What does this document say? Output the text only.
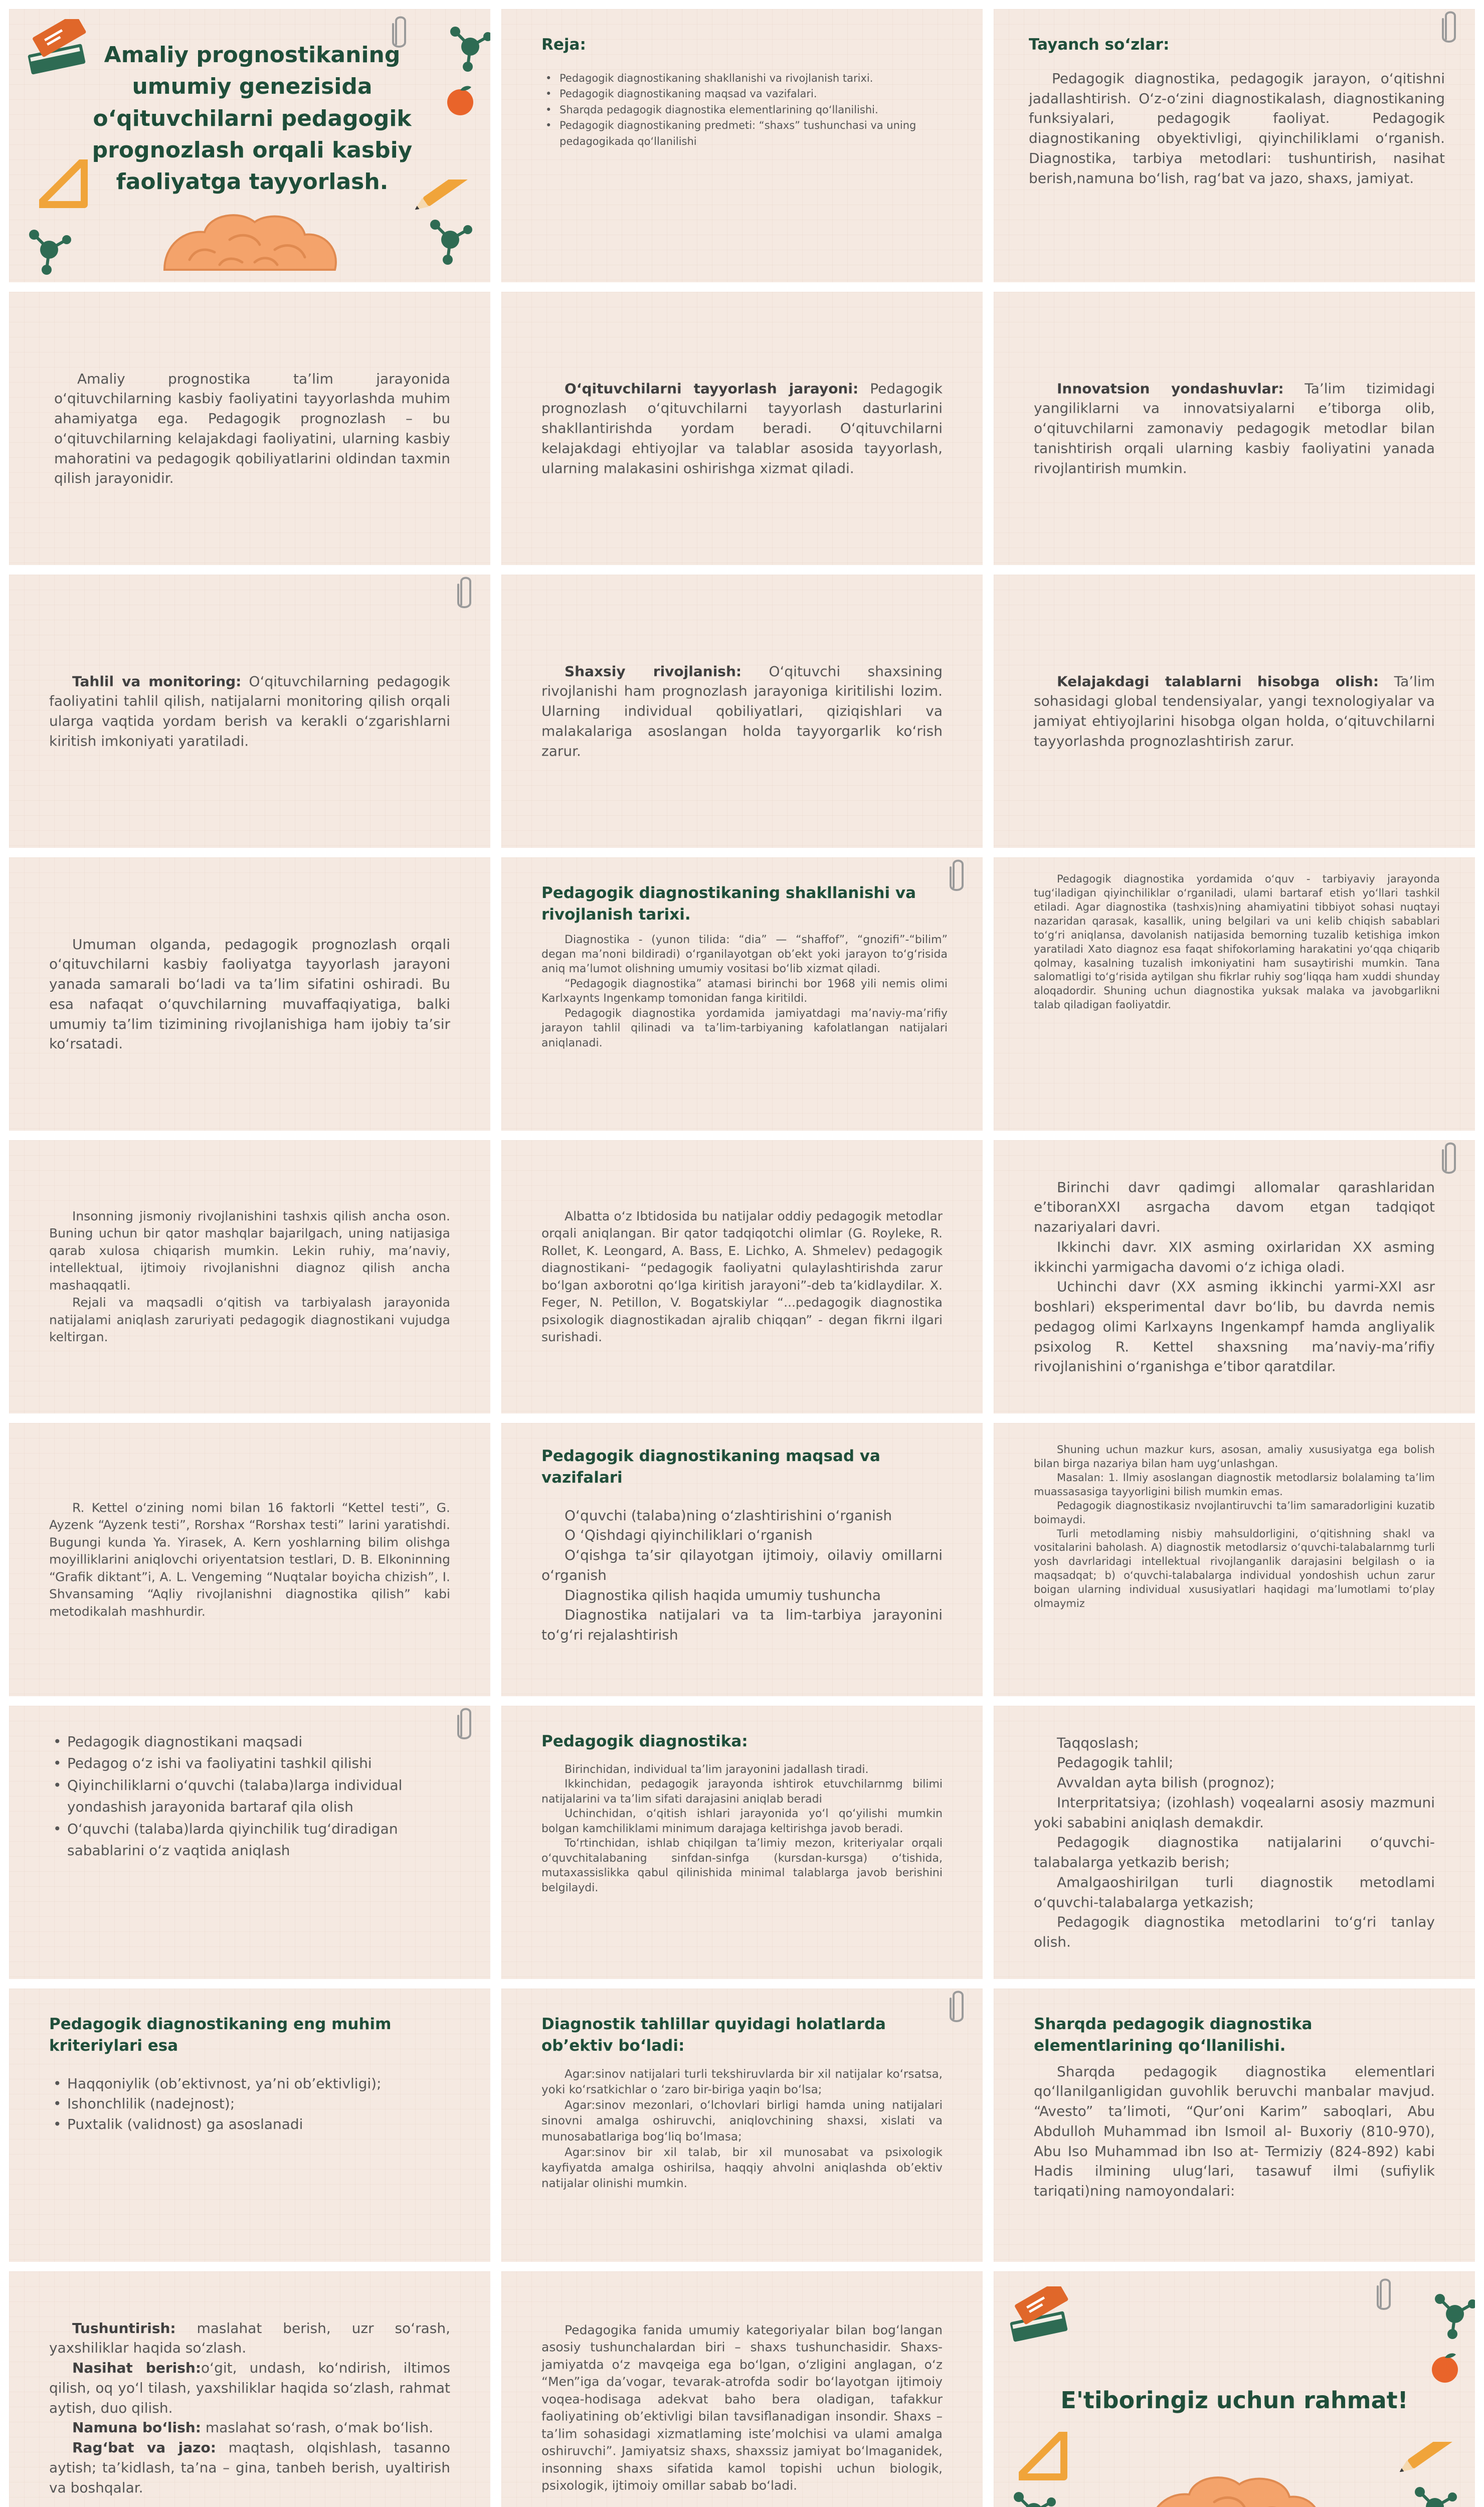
Amaliy prognostikaning umumiy genezisida o‘qituvchilarni pedagogik prognozlash orqali kasbiy faoliyatga tayyorlash.
Reja:
• Pedagogik diagnostikaning shakllanishi va rivojlanish tarixi.
• Pedagogik diagnostikaning maqsad va vazifalari.
• Sharqda pedagogik diagnostika elementlarining qo‘llanilishi.
• Pedagogik diagnostikaning predmeti: “shaxs” tushunchasi va uning pedagogikada qo‘llanilishi
Tayanch so‘zlar:

Pedagogik diagnostika, pedagogik jarayon, o‘qitishni jadallashtirish. O‘z-o‘zini diagnostikalash, diagnostikaning funksiyalari, pedagogik faoliyat. Pedagogik diagnostikaning obyektivligi, qiyinchiliklami o‘rganish. Diagnostika, tarbiya metodlari: tushuntirish, nasihat berish,namuna bo‘lish, rag‘bat va jazo, shaxs, jamiyat.

Amaliy prognostika ta’lim jarayonida o‘qituvchilarning kasbiy faoliyatini tayyorlashda muhim ahamiyatga ega. Pedagogik prognozlash – bu o‘qituvchilarning kelajakdagi faoliyatini, ularning kasbiy mahoratini va pedagogik qobiliyatlarini oldindan taxmin qilish jarayonidir.

O‘qituvchilarni tayyorlash jarayoni: Pedagogik prognozlash o‘qituvchilarni tayyorlash dasturlarini shakllantirishda yordam beradi. O‘qituvchilarni kelajakdagi ehtiyojlar va talablar asosida tayyorlash, ularning malakasini oshirishga xizmat qiladi.

Innovatsion yondashuvlar: Ta’lim tizimidagi yangiliklarni va innovatsiyalarni e’tiborga olib, o‘qituvchilarni zamonaviy pedagogik metodlar bilan tanishtirish orqali ularning kasbiy faoliyatini yanada rivojlantirish mumkin.

Tahlil va monitoring: O‘qituvchilarning pedagogik faoliyatini tahlil qilish, natijalarni monitoring qilish orqali ularga vaqtida yordam berish va kerakli o‘zgarishlarni kiritish imkoniyati yaratiladi.

Shaxsiy rivojlanish: O‘qituvchi shaxsining rivojlanishi ham prognozlash jarayoniga kiritilishi lozim. Ularning individual qobiliyatlari, qiziqishlari va malakalariga asoslangan holda tayyorgarlik ko‘rish zarur.

Kelajakdagi talablarni hisobga olish: Ta’lim sohasidagi global tendensiyalar, yangi texnologiyalar va jamiyat ehtiyojlarini hisobga olgan holda, o‘qituvchilarni tayyorlashda prognozlashtirish zarur.

Umuman olganda, pedagogik prognozlash orqali o‘qituvchilarni kasbiy faoliyatga tayyorlash jarayoni yanada samarali bo‘ladi va ta’lim sifatini oshiradi. Bu esa nafaqat o‘quvchilarning muvaffaqiyatiga, balki umumiy ta’lim tizimining rivojlanishiga ham ijobiy ta’sir ko‘rsatadi.

Pedagogik diagnostikaning shakllanishi va rivojlanish tarixi.

Diagnostika - (yunon tilida: “dia” — “shaffof”, “gnozifi”-“bilim” degan ma’noni bildiradi) o‘rganilayotgan ob’ekt yoki jarayon to‘g‘risida aniq ma’lumot olishning umumiy vositasi bo‘lib xizmat qiladi.

“Pedagogik diagnostika” atamasi birinchi bor 1968 yili nemis olimi Karlxaynts Ingenkamp tomonidan fanga kiritildi.

Pedagogik diagnostika yordamida jamiyatdagi ma’naviy-ma’rifiy jarayon tahlil qilinadi va ta’lim-tarbiyaning kafolatlangan natijalari aniqlanadi.

Pedagogik diagnostika yordamida o‘quv - tarbiyaviy jarayonda tug‘iladigan qiyinchiliklar o‘rganiladi, ulami bartaraf etish yo‘llari tashkil etiladi. Agar diagnostika (tashxis)ning ahamiyatini tibbiyot sohasi nuqtayi nazaridan qarasak, kasallik, uning belgilari va uni kelib chiqish sabablari to‘g‘ri aniqlansa, davolanish natijasida bemorning tuzalib ketishiga imkon yaratiladi Xato diagnoz esa faqat shifokorlaming harakatini yo‘qqa chiqarib qolmay, kasalning tuzalish imkoniyatini ham susaytirishi mumkin. Tana salomatligi to‘g‘risida aytilgan shu fikrlar ruhiy sog‘liqqa ham xuddi shunday aloqadordir. Shuning uchun diagnostika yuksak malaka va javobgarlikni talab qiladigan faoliyatdir.

Insonning jismoniy rivojlanishini tashxis qilish ancha oson. Buning uchun bir qator mashqlar bajarilgach, uning natijasiga qarab xulosa chiqarish mumkin. Lekin ruhiy, ma’naviy, intellektual, ijtimoiy rivojlanishni diagnoz qilish ancha mashaqqatli.

Rejali va maqsadli o‘qitish va tarbiyalash jarayonida natijalami aniqlash zaruriyati pedagogik diagnostikani vujudga keltirgan.

Albatta o‘z Ibtidosida bu natijalar oddiy pedagogik metodlar orqali aniqlangan. Bir qator tadqiqotchi olimlar (G. Royleke, R. Rollet, K. Leongard, A. Bass, E. Lichko, A. Shmelev) pedagogik diagnostikani- “pedagogik faoliyatni qulaylashtirishda zarur bo‘lgan axborotni qo‘lga kiritish jarayoni”-deb ta’kidlaydilar. X. Feger, N. Petillon, V. Bogatskiylar “...pedagogik diagnostika psixologik diagnostikadan ajralib chiqqan” - degan fikrni ilgari surishadi.

Birinchi davr qadimgi allomalar qarashlaridan e’tiboranXXI asrgacha davom etgan tadqiqot nazariyalari davri.

Ikkinchi davr. XIX asming oxirlaridan XX asming ikkinchi yarmigacha davomi o‘z ichiga oladi.

Uchinchi davr (XX asming ikkinchi yarmi-XXI asr boshlari) eksperimental davr bo‘lib, bu davrda nemis pedagog olimi Karlxayns Ingenkampf hamda angliyalik psixolog R. Kettel shaxsning ma’naviy-ma’rifiy rivojlanishini o‘rganishga e’tibor qaratdilar.

R. Kettel o‘zining nomi bilan 16 faktorli “Kettel testi”, G. Ayzenk “Ayzenk testi”, Rorshax “Rorshax testi” larini yaratishdi. Bugungi kunda Ya. Yirasek, A. Kern yoshlarning bilim olishga moyilliklarini aniqlovchi oriyentatsion testlari, D. B. Elkoninning “Grafik diktant”i, A. L. Vengeming “Nuqtalar boyicha chizish”, I. Shvansaming “Aqliy rivojlanishni diagnostika qilish” kabi metodikalah mashhurdir.

Pedagogik diagnostikaning maqsad va vazifalari

O‘quvchi (talaba)ning o‘zlashtirishini o‘rganish

O ‘Qishdagi qiyinchiliklari o‘rganish

O‘qishga ta’sir qilayotgan ijtimoiy, oilaviy omillarni o‘rganish

Diagnostika qilish haqida umumiy tushuncha

Diagnostika natijalari va ta lim-tarbiya jarayonini to‘g‘ri rejalashtirish

Shuning uchun mazkur kurs, asosan, amaliy xususiyatga ega bolish bilan birga nazariya bilan ham uyg‘unlashgan.

Masalan: 1. Ilmiy asoslangan diagnostik metodlarsiz bolalaming ta’lim muassasasiga tayyorligini bilish mumkin emas.

Pedagogik diagnostikasiz nvojlantiruvchi ta’lim samaradorligini kuzatib boimaydi.

Turli metodlaming nisbiy mahsuldorligini, o‘qitishning shakl va vositalarini baholash. A) diagnostik metodlarsiz o‘quvchi-talabalarnmg turli yosh davrlaridagi intellektual rivojlanganlik darajasini belgilash o ia maqsadqat; b) o‘quvchi-talabalarga individual yondoshish uchun zarur boigan ularning individual xususiyatlari haqidagi ma’lumotlami to‘play olmaymiz

• Pedagogik diagnostikani maqsadi
• Pedagog o‘z ishi va faoliyatini tashkil qilishi
• Qiyinchiliklarni o‘quvchi (talaba)larga individual yondashish jarayonida bartaraf qila olish
• O‘quvchi (talaba)larda qiyinchilik tug‘diradigan sabablarini o‘z vaqtida aniqlash
Pedagogik diagnostika:

Birinchidan, individual ta’lim jarayonini jadallash tiradi.

Ikkinchidan, pedagogik jarayonda ishtirok etuvchilarnmg bilimi natijalarini va ta’lim sifati darajasini aniqlab beradi

Uchinchidan, o‘qitish ishlari jarayonida yo‘l qo‘yilishi mumkin bolgan kamchiliklami minimum darajaga keltirishga javob beradi.

To‘rtinchidan, ishlab chiqilgan ta’limiy mezon, kriteriyalar orqali o‘quvchitalabaning sinfdan-sinfga (kursdan-kursga) o‘tishida, mutaxassislikka qabul qilinishida minimal talablarga javob berishini belgilaydi.

Taqqoslash;

Pedagogik tahlil;

Avvaldan ayta bilish (prognoz);

Interpritatsiya; (izohlash) voqealarni asosiy mazmuni yoki sababini aniqlash demakdir.

Pedagogik diagnostika natijalarini o‘quvchi-talabalarga yetkazib berish;

Amalgaoshirilgan turli diagnostik metodlami o‘quvchi-talabalarga yetkazish;

Pedagogik diagnostika metodlarini to‘g‘ri tanlay olish.

Pedagogik diagnostikaning eng muhim kriteriylari esa
• Haqqoniylik (ob’ektivnost, ya’ni ob’ektivligi);
• Ishonchlilik (nadejnost);
• Puxtalik (validnost) ga asoslanadi
Diagnostik tahlillar quyidagi holatlarda ob’ektiv bo‘ladi:

Agar:sinov natijalari turli tekshiruvlarda bir xil natijalar ko‘rsatsa, yoki ko‘rsatkichlar o ‘zaro bir-biriga yaqin bo‘lsa;

Agar:sinov mezonlari, o‘lchovlari birligi hamda uning natijalari sinovni amalga oshiruvchi, aniqlovchining shaxsi, xislati va munosabatlariga bog‘liq bo‘lmasa;

Agar:sinov bir xil talab, bir xil munosabat va psixologik kayfiyatda amalga oshirilsa, haqqiy ahvolni aniqlashda ob’ektiv natijalar olinishi mumkin.

Sharqda pedagogik diagnostika elementlarining qo‘llanilishi.

Sharqda pedagogik diagnostika elementlari qo‘llanilganligidan guvohlik beruvchi manbalar mavjud. “Avesto” ta’limoti, “Qur’oni Karim” saboqlari, Abu Abdulloh Muhammad ibn Ismoil al- Buxoriy (810-970), Abu Iso Muhammad ibn Iso at- Termiziy (824-892) kabi Hadis ilmining ulug‘lari, tasawuf ilmi (sufiylik tariqati)ning namoyondalari:

Tushuntirish: maslahat berish, uzr so‘rash, yaxshiliklar haqida so‘zlash.

Nasihat berish:o‘git, undash, ko‘ndirish, iltimos qilish, oq yo‘l tilash, yaxshiliklar haqida so‘zlash, rahmat aytish, duo qilish.

Namuna bo‘lish: maslahat so‘rash, o‘mak bo‘lish.

Rag‘bat va jazo: maqtash, olqishlash, tasanno aytish; ta’kidlash, ta’na – gina, tanbeh berish, uyaltirish va boshqalar.

Pedagogika fanida umumiy kategoriyalar bilan bog‘langan asosiy tushunchalardan biri – shaxs tushunchasidir. Shaxs- jamiyatda o‘z mavqeiga ega bo‘lgan, o‘zligini anglagan, o‘z “Men”iga da’vogar, tevarak-atrofda sodir bo‘layotgan ijtimoiy voqea-hodisaga adekvat baho bera oladigan, tafakkur faoliyatining ob’ektivligi bilan tavsiflanadigan insondir. Shaxs – ta’lim sohasidagi xizmatlaming iste’molchisi va ulami amalga oshiruvchi”. Jamiyatsiz shaxs, shaxssiz jamiyat bo‘lmaganidek, insonning shaxs sifatida kamol topishi uchun biologik, psixologik, ijtimoiy omillar sabab bo‘ladi.

E'tiboringiz uchun rahmat!
